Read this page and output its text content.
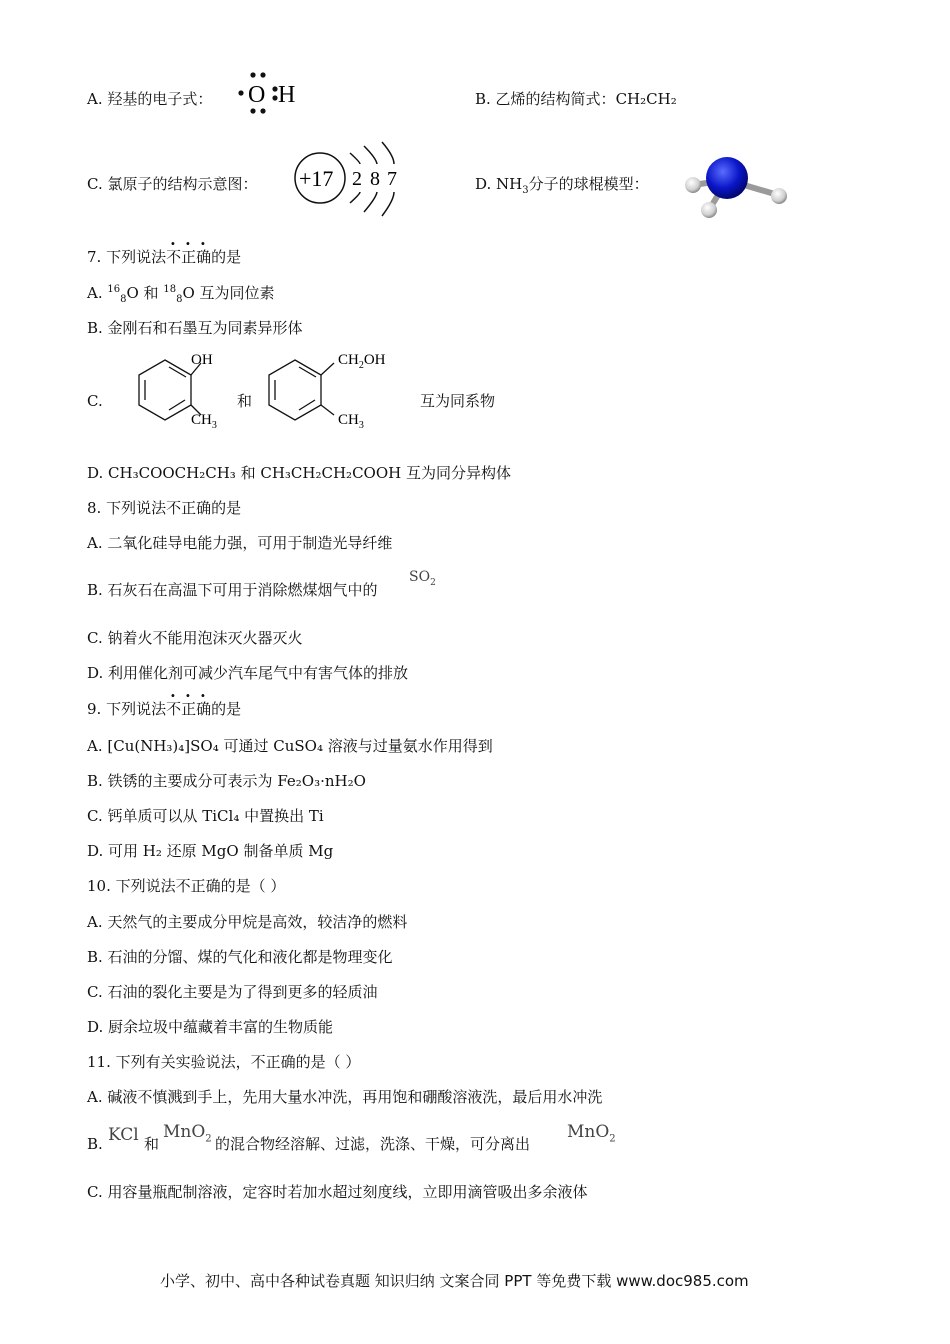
A. 羟基的电子式： O H	B. 乙烯的结构简式：CH₂CH₂
C. 氯原子的结构示意图： +17 2 8 7	D. $NH_3$分子的球棍模型：
7. 下列说法不正确的是
A. $^{16}_8$O 和 $^{18}_8$O 互为同位素
B. 金刚石和石墨互为同素异形体
C.
OH
$CH_3$
和
$CH_2OH$
$CH_3$
互为同系物
D. CH₃COOCH₂CH₃ 和 CH₃CH₂CH₂COOH 互为同分异构体
8. 下列说法不正确的是
A. 二氧化硅导电能力强，可用于制造光导纤维
B. 石灰石在高温下可用于消除燃煤烟气中的
$SO_2$
C. 钠着火不能用泡沫灭火器灭火
D. 利用催化剂可减少汽车尾气中有害气体的排放
9. 下列说法不正确的是
A. [Cu(NH₃)₄]SO₄ 可通过 CuSO₄ 溶液与过量氨水作用得到
B. 铁锈的主要成分可表示为 Fe₂O₃·nH₂O
C. 钙单质可以从 TiCl₄ 中置换出 Ti
D. 可用 H₂ 还原 MgO 制备单质 Mg
10. 下列说法不正确的是（ ）
A. 天然气的主要成分甲烷是高效，较洁净的燃料
B. 石油的分馏、煤的气化和液化都是物理变化
C. 石油的裂化主要是为了得到更多的轻质油
D. 厨余垃圾中蕴藏着丰富的生物质能
11. 下列有关实验说法，不正确的是（ ）
A. 碱液不慎溅到手上，先用大量水冲洗，再用饱和硼酸溶液洗，最后用水冲洗
B. KCl 和
MnO$_2$ 的混合物经溶解、过滤，洗涤、干燥，可分离出
MnO$_2$
C. 用容量瓶配制溶液，定容时若加水超过刻度线，立即用滴管吸出多余液体
小学、初中、高中各种试卷真题 知识归纳 文案合同 PPT 等免费下载 www.doc985.com
